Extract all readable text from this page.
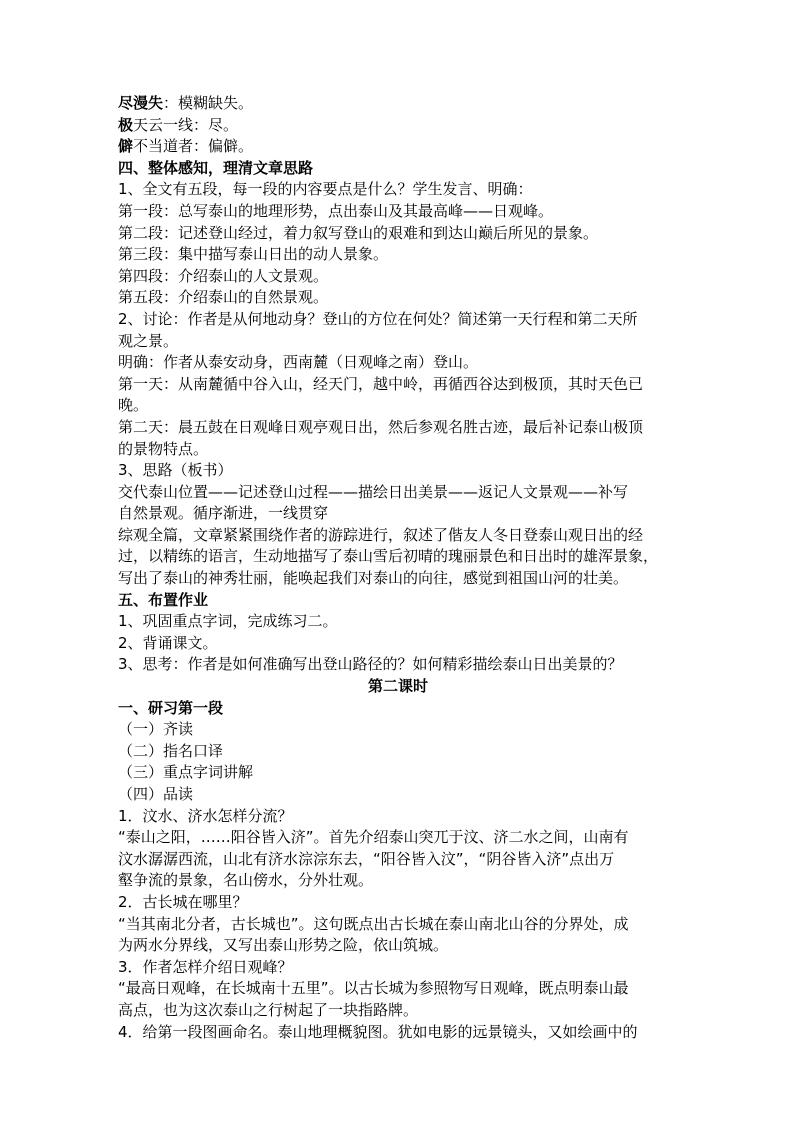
尽漫失：模糊缺失。
极天云一线：尽。
僻不当道者：偏僻。
四、整体感知，理清文章思路
1、全文有五段，每一段的内容要点是什么？学生发言、明确：
第一段：总写泰山的地理形势，点出泰山及其最高峰——日观峰。
第二段：记述登山经过，着力叙写登山的艰难和到达山巅后所见的景象。
第三段：集中描写泰山日出的动人景象。
第四段：介绍泰山的人文景观。
第五段：介绍泰山的自然景观。
2、讨论：作者是从何地动身？登山的方位在何处？简述第一天行程和第二天所
观之景。
明确：作者从泰安动身，西南麓（日观峰之南）登山。
第一天：从南麓循中谷入山，经天门，越中岭，再循西谷达到极顶，其时天色已
晚。
第二天：晨五鼓在日观峰日观亭观日出，然后参观名胜古迹，最后补记泰山极顶
的景物特点。
3、思路（板书）
交代泰山位置——记述登山过程——描绘日出美景——返记人文景观——补写
自然景观。循序渐进，一线贯穿
综观全篇，文章紧紧围绕作者的游踪进行，叙述了偕友人冬日登泰山观日出的经
过，以精练的语言，生动地描写了泰山雪后初晴的瑰丽景色和日出时的雄浑景象，
写出了泰山的神秀壮丽，能唤起我们对泰山的向往，感觉到祖国山河的壮美。
五、布置作业
1、巩固重点字词，完成练习二。
2、背诵课文。
3、思考：作者是如何准确写出登山路径的？如何精彩描绘泰山日出美景的？
第二课时
一、研习第一段
（一）齐读
（二）指名口译
（三）重点字词讲解
（四）品读
1．汶水、济水怎样分流？
“泰山之阳，……阳谷皆入济”。首先介绍泰山突兀于汶、济二水之间，山南有
汶水潺潺西流，山北有济水淙淙东去，“阳谷皆入汶”，“阴谷皆入济”点出万
壑争流的景象，名山傍水，分外壮观。
2．古长城在哪里？
“当其南北分者，古长城也”。这句既点出古长城在泰山南北山谷的分界处，成
为两水分界线，又写出泰山形势之险，依山筑城。
3．作者怎样介绍日观峰？
“最高日观峰，在长城南十五里”。以古长城为参照物写日观峰，既点明泰山最
高点，也为这次泰山之行树起了一块指路牌。
4．给第一段图画命名。泰山地理概貌图。犹如电影的远景镜头，又如绘画中的
